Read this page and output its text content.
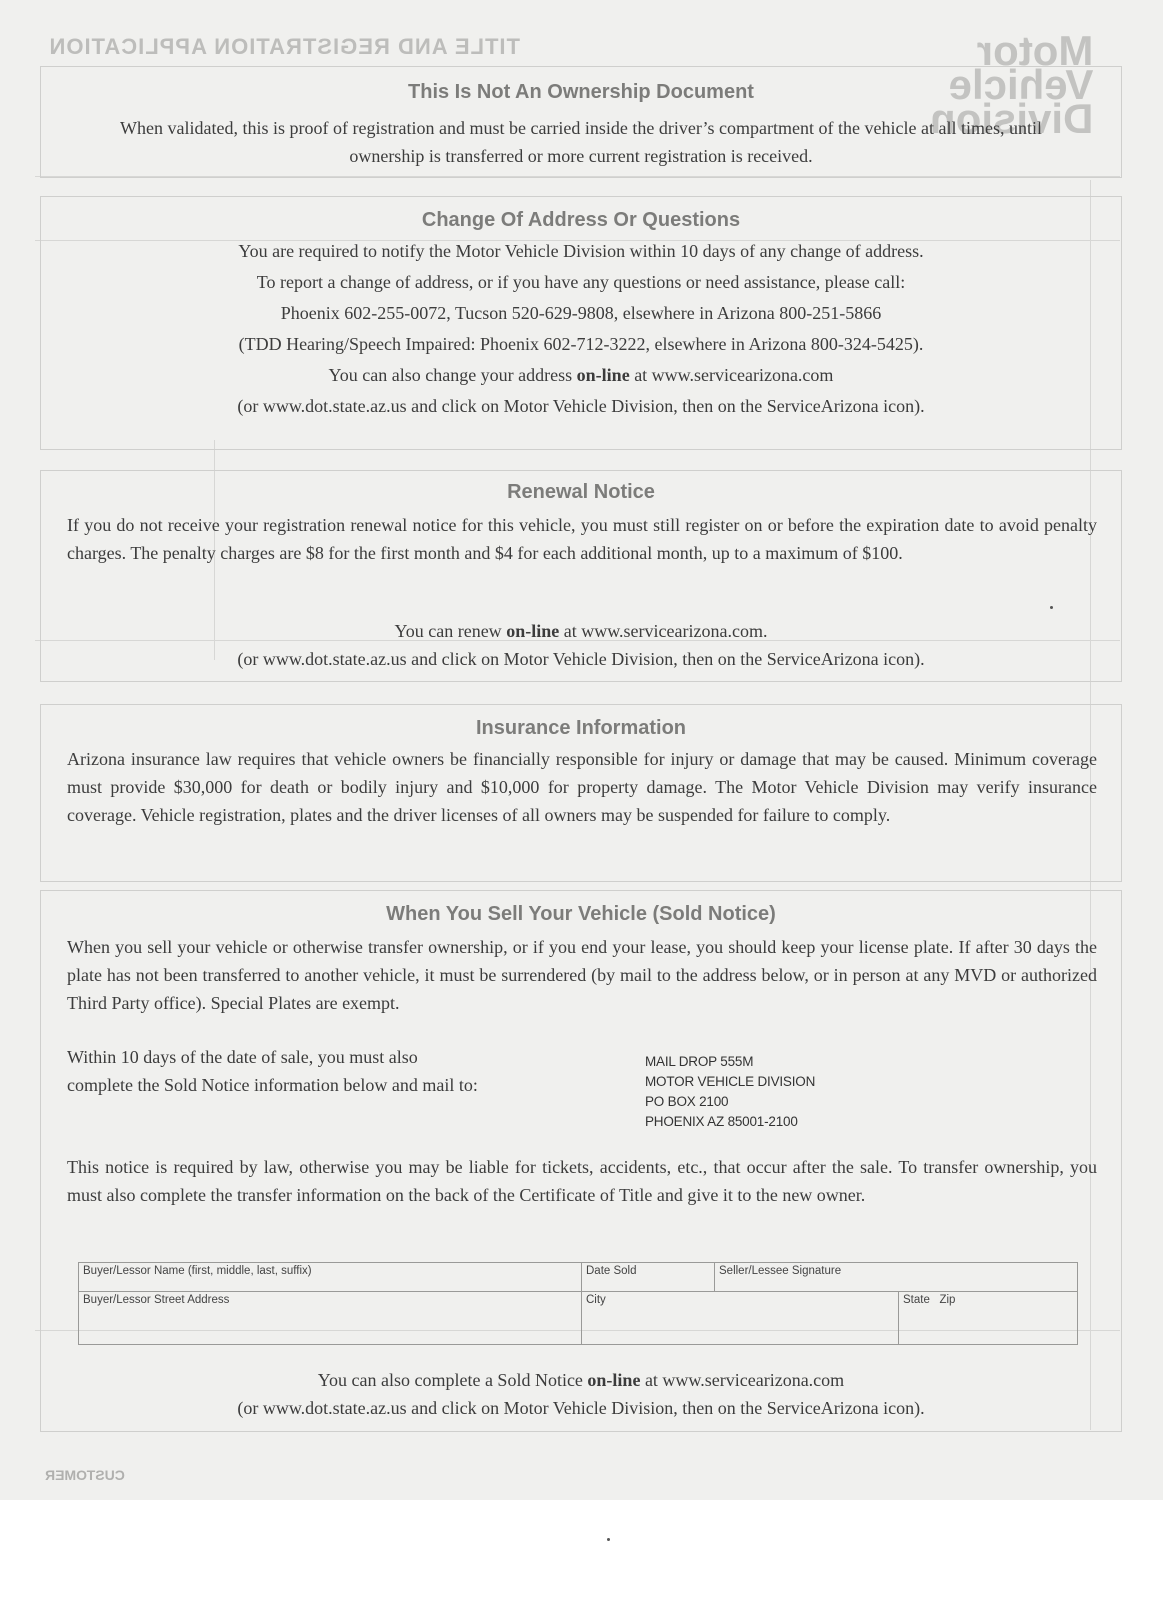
TITLE AND REGISTRATION APPLICATION	Motor
Vehicle
Division
CUSTOMER
This Is Not An Ownership Document
When validated, this is proof of registration and must be carried inside the driver’s compartment of the vehicle at all times, until ownership is transferred or more current registration is received.
Change Of Address Or Questions
You are required to notify the Motor Vehicle Division within 10 days of any change of address.
To report a change of address, or if you have any questions or need assistance, please call:
Phoenix 602-255-0072, Tucson 520-629-9808, elsewhere in Arizona 800-251-5866
(TDD Hearing/Speech Impaired: Phoenix 602-712-3222, elsewhere in Arizona 800-324-5425).
You can also change your address on-line at www.servicearizona.com
(or www.dot.state.az.us and click on Motor Vehicle Division, then on the ServiceArizona icon).
Renewal Notice
If you do not receive your registration renewal notice for this vehicle, you must still register on or before the expiration date to avoid penalty charges. The penalty charges are $8 for the first month and $4 for each additional month, up to a maximum of $100.
You can renew on-line at www.servicearizona.com.
(or www.dot.state.az.us and click on Motor Vehicle Division, then on the ServiceArizona icon).
Insurance Information
Arizona insurance law requires that vehicle owners be financially responsible for injury or damage that may be caused. Minimum coverage must provide $30,000 for death or bodily injury and $10,000 for property damage. The Motor Vehicle Division may verify insurance coverage. Vehicle registration, plates and the driver licenses of all owners may be suspended for failure to comply.
When You Sell Your Vehicle (Sold Notice)
When you sell your vehicle or otherwise transfer ownership, or if you end your lease, you should keep your license plate. If after 30 days the plate has not been transferred to another vehicle, it must be surrendered (by mail to the address below, or in person at any MVD or authorized Third Party office). Special Plates are exempt.
Within 10 days of the date of sale, you must also
complete the Sold Notice information below and mail to:
This notice is required by law, otherwise you may be liable for tickets, accidents, etc., that occur after the sale. To transfer ownership, you must also complete the transfer information on the back of the Certificate of Title and give it to the new owner.
You can also complete a Sold Notice on-line at www.servicearizona.com
(or www.dot.state.az.us and click on Motor Vehicle Division, then on the ServiceArizona icon).
MAIL DROP 555M
MOTOR VEHICLE DIVISION
PO BOX 2100
PHOENIX AZ 85001-2100
Buyer/Lessor Name (first, middle, last, suffix)	Date Sold	Seller/Lessee Signature	
Buyer/Lessor Street Address	City		State Zip
